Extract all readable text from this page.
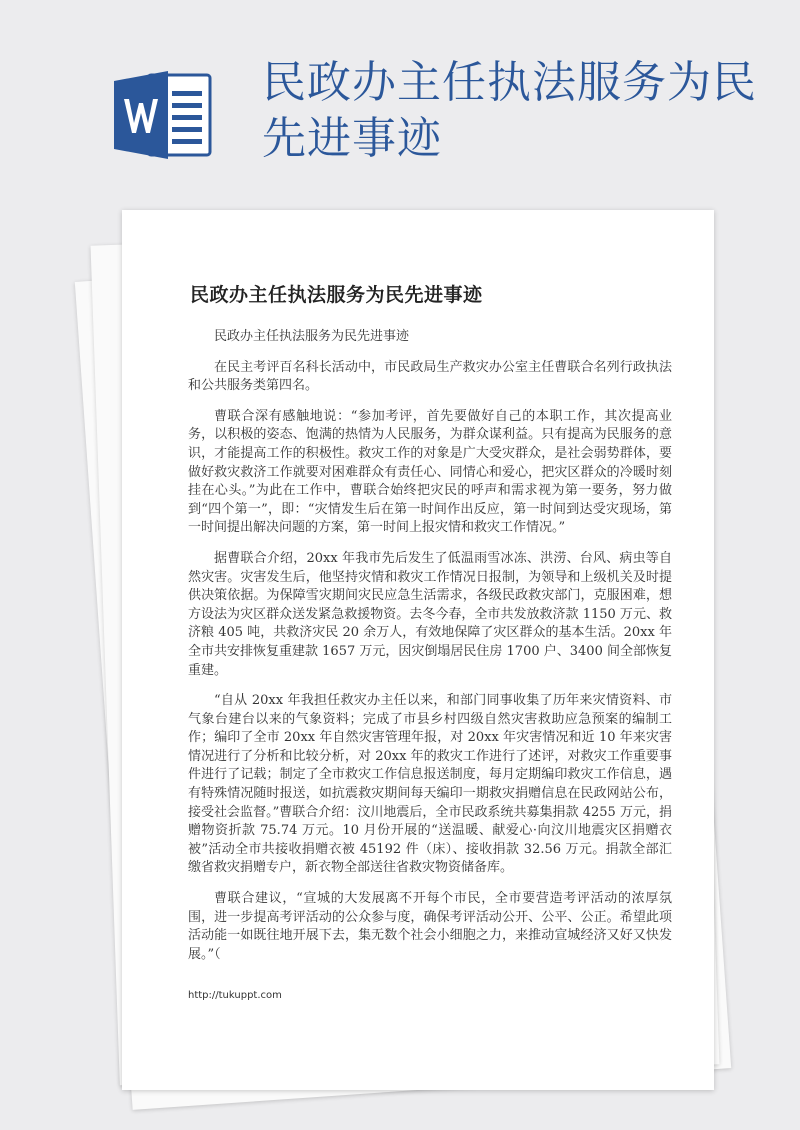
民政办主任执法服务为民先进事迹
民政办主任执法服务为民先进事迹

民政办主任执法服务为民先进事迹

在民主考评百名科长活动中，市民政局生产救灾办公室主任曹联合名列行政执法和公共服务类第四名。

曹联合深有感触地说：“参加考评，首先要做好自己的本职工作，其次提高业务，以积极的姿态、饱满的热情为人民服务，为群众谋利益。只有提高为民服务的意识，才能提高工作的积极性。救灾工作的对象是广大受灾群众，是社会弱势群体，要做好救灾救济工作就要对困难群众有责任心、同情心和爱心，把灾区群众的冷暖时刻挂在心头。”为此在工作中，曹联合始终把灾民的呼声和需求视为第一要务，努力做到“四个第一”，即：“灾情发生后在第一时间作出反应，第一时间到达受灾现场，第一时间提出解决问题的方案，第一时间上报灾情和救灾工作情况。”

据曹联合介绍，20xx 年我市先后发生了低温雨雪冰冻、洪涝、台风、病虫等自然灾害。灾害发生后，他坚持灾情和救灾工作情况日报制，为领导和上级机关及时提供决策依据。为保障雪灾期间灾民应急生活需求，各级民政救灾部门，克服困难，想方设法为灾区群众送发紧急救援物资。去冬今春，全市共发放救济款 1150 万元、救济粮 405 吨，共救济灾民 20 余万人，有效地保障了灾区群众的基本生活。20xx 年全市共安排恢复重建款 1657 万元，因灾倒塌居民住房 1700 户、3400 间全部恢复重建。

“自从 20xx 年我担任救灾办主任以来，和部门同事收集了历年来灾情资料、市气象台建台以来的气象资料；完成了市县乡村四级自然灾害救助应急预案的编制工作；编印了全市 20xx 年自然灾害管理年报，对 20xx 年灾害情况和近 10 年来灾害情况进行了分析和比较分析，对 20xx 年的救灾工作进行了述评，对救灾工作重要事件进行了记载；制定了全市救灾工作信息报送制度，每月定期编印救灾工作信息，遇有特殊情况随时报送，如抗震救灾期间每天编印一期救灾捐赠信息在民政网站公布，接受社会监督。”曹联合介绍：汶川地震后，全市民政系统共募集捐款 4255 万元，捐赠物资折款 75.74 万元。10 月份开展的“送温暖、献爱心·向汶川地震灾区捐赠衣被”活动全市共接收捐赠衣被 45192 件（床）、接收捐款 32.56 万元。捐款全部汇缴省救灾捐赠专户，新衣物全部送往省救灾物资储备库。

曹联合建议，“宣城的大发展离不开每个市民，全市要营造考评活动的浓厚氛围，进一步提高考评活动的公众参与度，确保考评活动公开、公平、公正。希望此项活动能一如既往地开展下去，集无数个社会小细胞之力，来推动宣城经济又好又快发展。”（

http://tukuppt.com
